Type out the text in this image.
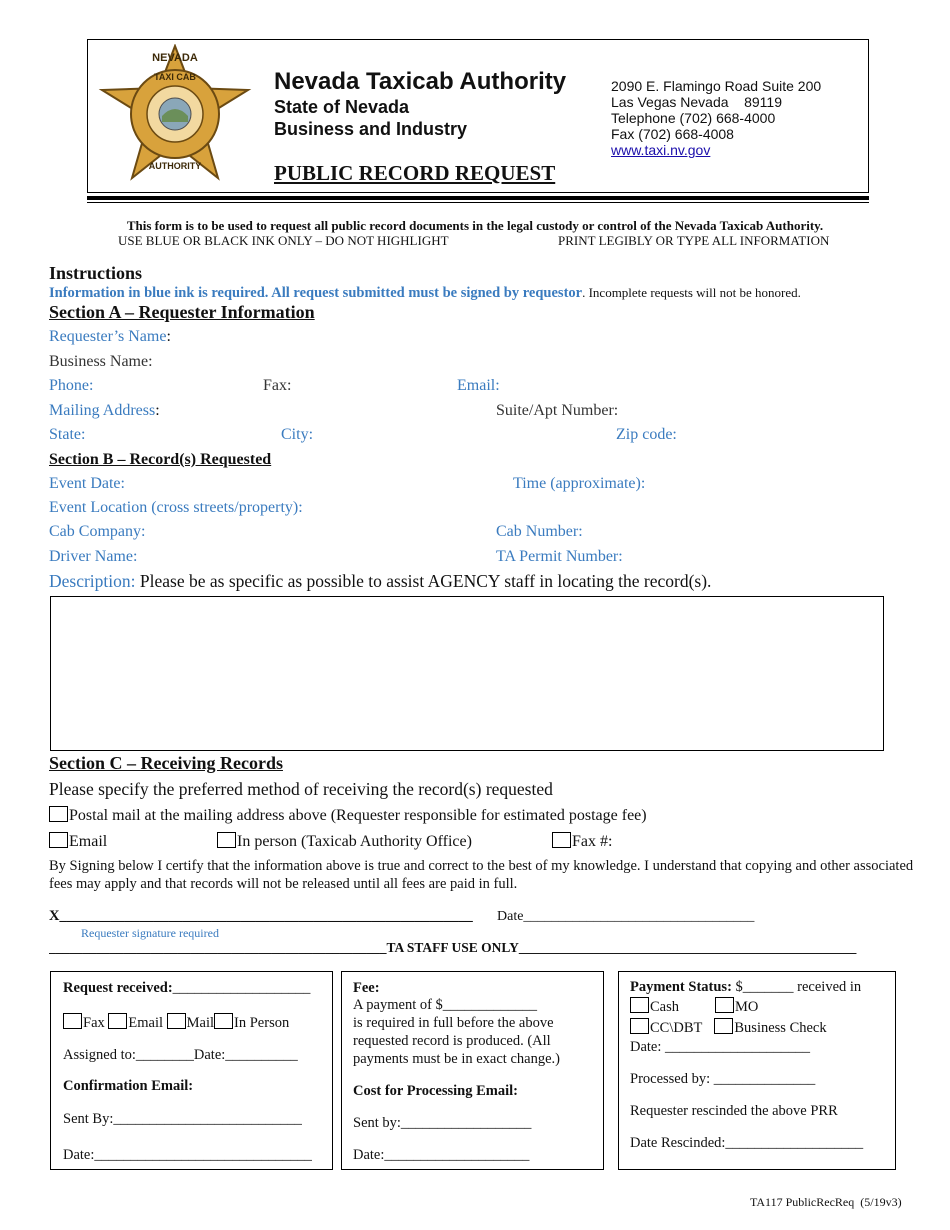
NEVADA
TAXI CAB
AUTHORITY
Nevada Taxicab Authority
State of Nevada
Business and Industry
PUBLIC RECORD REQUEST
2090 E. Flamingo Road Suite 200
Las Vegas Nevada    89119
Telephone (702) 668-4000
Fax (702) 668-4008
www.taxi.nv.gov
This form is to be used to request all public record documents in the legal custody or control of the Nevada Taxicab Authority.
USE BLUE OR BLACK INK ONLY – DO NOT HIGHLIGHT	PRINT LEGIBLY OR TYPE ALL INFORMATION
Instructions
Information in blue ink is required. All request submitted must be signed by requestor. Incomplete requests will not be honored.
Section A – Requester Information
Requester’s Name:
Business Name:
Phone:	Fax:	Email:
Mailing Address:	Suite/Apt Number:
State:	City:	Zip code:
Section B – Record(s) Requested
Event Date:	Time (approximate):
Event Location (cross streets/property):
Cab Company:	Cab Number:
Driver Name:	TA Permit Number:
Description: Please be as specific as possible to assist AGENCY staff in locating the record(s).
Section C – Receiving Records
Please specify the preferred method of receiving the record(s) requested
Postal mail at the mailing address above (Requester responsible for estimated postage fee)
Email	In person (Taxicab Authority Office)	Fax #:
By Signing below I certify that the information above is true and correct to the best of my knowledge. I understand that copying and other associated fees may apply and that records will not be released until all fees are paid in full.
X_________________________________________________________ Date_________________________________
Requester signature required
__________________________________________________TA STAFF USE ONLY__________________________________________________
Request received:___________________
Fax Email Mail In Person
Assigned to:________Date:__________
Confirmation Email:
Sent By:__________________________
Date:______________________________
Fee:
A payment of $_____________
is required in full before the above
requested record is produced. (All
payments must be in exact change.)
Cost for Processing Email:
Sent by:__________________
Date:____________________
Payment Status: $_______ received in
Cash	MO
CC\DBT Business Check
Date: ____________________
Processed by: ______________
Requester rescinded the above PRR
Date Rescinded:___________________
TA117 PublicRecReq  (5/19v3)
